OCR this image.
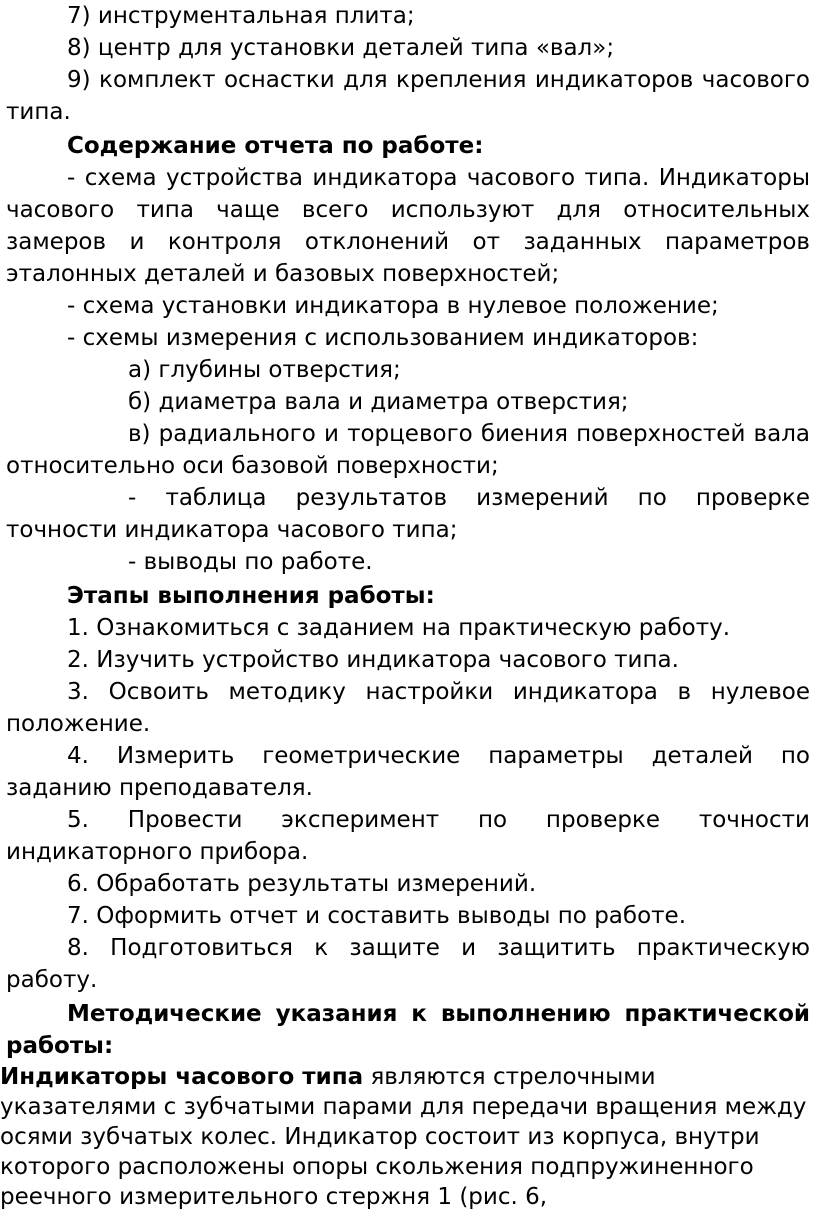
7) инструментальная плита;

8) центр для установки деталей типа «вал»;

9) комплект оснастки для крепления индикаторов часового типа.

Содержание отчета по работе:

- схема устройства индикатора часового типа. Индикаторы часового типа чаще всего используют для относительных замеров и контроля отклонений от заданных параметров эталонных деталей и базовых поверхностей;

- схема установки индикатора в нулевое положение;

- схемы измерения с использованием индикаторов:

а) глубины отверстия;

б) диаметра вала и диаметра отверстия;

в) радиального и торцевого биения поверхностей вала относительно оси базовой поверхности;

- таблица результатов измерений по проверке точности индикатора часового типа;

- выводы по работе.

Этапы выполнения работы:

1. Ознакомиться с заданием на практическую работу.

2. Изучить устройство индикатора часового типа.

3. Освоить методику настройки индикатора в нулевое положение.

4. Измерить геометрические параметры деталей по заданию преподавателя.

5. Провести эксперимент по проверке точности индикаторного прибора.

6. Обработать результаты измерений.

7. Оформить отчет и составить выводы по работе.

8. Подготовиться к защите и защитить практическую работу.

Методические указания к выполнению практической работы:

Индикаторы часового типа являются стрелочными указателями с зубчатыми парами для передачи вращения между осями зубчатых колес. Индикатор состоит из корпуса, внутри которого расположены опоры скольжения подпружиненного реечного измерительного стержня 1 (рис. 6,
